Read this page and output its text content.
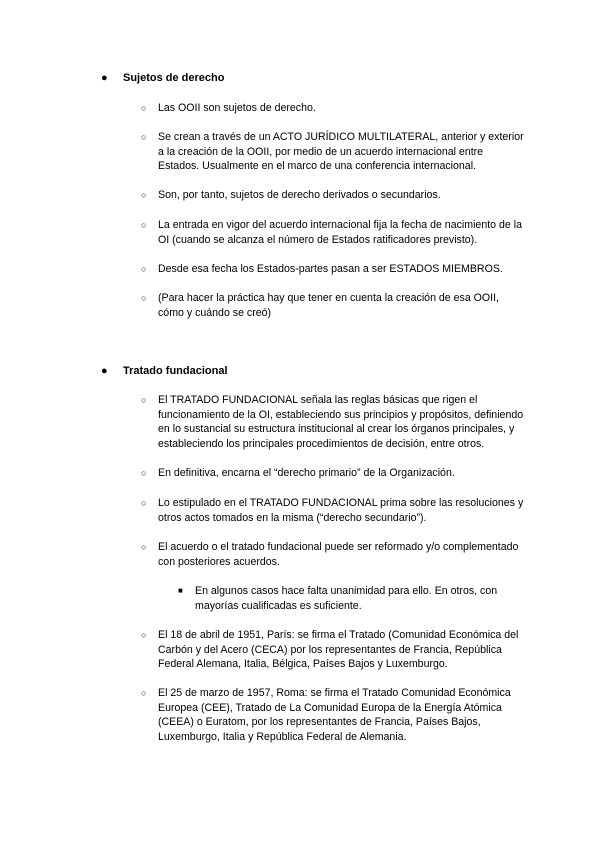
● Sujetos de derecho
○ Las OOII son sujetos de derecho.
○ Se crean a través de un ACTO JURÍDICO MULTILATERAL, anterior y exterior
a la creación de la OOII, por medio de un acuerdo internacional entre
Estados. Usualmente en el marco de una conferencia internacional.
○ Son, por tanto, sujetos de derecho derivados o secundarios.
○ La entrada en vigor del acuerdo internacional fija la fecha de nacimiento de la
OI (cuando se alcanza el número de Estados ratificadores previsto).
○ Desde esa fecha los Estados-partes pasan a ser ESTADOS MIEMBROS.
○ (Para hacer la práctica hay que tener en cuenta la creación de esa OOII,
cómo y cuándo se creó)
● Tratado fundacional
○ El TRATADO FUNDACIONAL señala las reglas básicas que rigen el
funcionamiento de la OI, estableciendo sus principios y propósitos, definiendo
en lo sustancial su estructura institucional al crear los órganos principales, y
estableciendo los principales procedimientos de decisión, entre otros.
○ En definitiva, encarna el “derecho primario” de la Organización.
○ Lo estipulado en el TRATADO FUNDACIONAL prima sobre las resoluciones y
otros actos tomados en la misma (“derecho secundario”).
○ El acuerdo o el tratado fundacional puede ser reformado y/o complementado
con posteriores acuerdos.
■ En algunos casos hace falta unanimidad para ello. En otros, con
mayorías cualificadas es suficiente.
○ El 18 de abril de 1951, París: se firma el Tratado (Comunidad Económica del
Carbón y del Acero (CECA) por los representantes de Francia, República
Federal Alemana, Italia, Bélgica, Países Bajos y Luxemburgo.
○ El 25 de marzo de 1957, Roma: se firma el Tratado Comunidad Económica
Europea (CEE), Tratado de La Comunidad Europa de la Energía Atómica
(CEEA) o Euratom, por los representantes de Francia, Países Bajos,
Luxemburgo, Italia y República Federal de Alemania.
